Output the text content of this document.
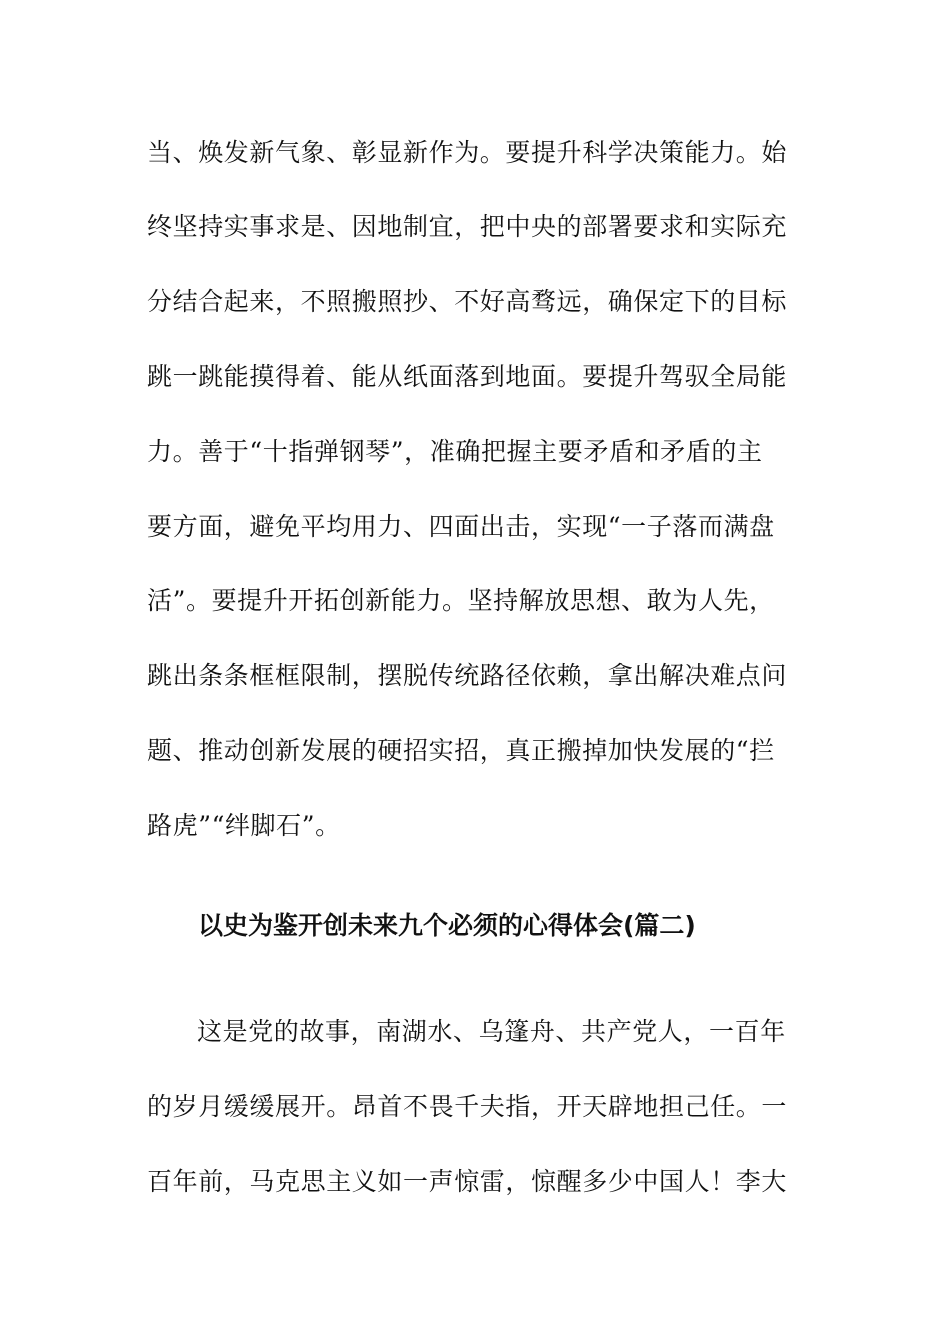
当、焕发新气象、彰显新作为。要提升科学决策能力。始
终坚持实事求是、因地制宜，把中央的部署要求和实际充
分结合起来，不照搬照抄、不好高骛远，确保定下的目标
跳一跳能摸得着、能从纸面落到地面。要提升驾驭全局能
力。善于“十指弹钢琴”，准确把握主要矛盾和矛盾的主
要方面，避免平均用力、四面出击，实现“一子落而满盘
活”。要提升开拓创新能力。坚持解放思想、敢为人先，
跳出条条框框限制，摆脱传统路径依赖，拿出解决难点问
题、推动创新发展的硬招实招，真正搬掉加快发展的“拦
路虎”“绊脚石”。
以史为鉴开创未来九个必须的心得体会(篇二)
这是党的故事，南湖水、乌篷舟、共产党人，一百年
的岁月缓缓展开。昂首不畏千夫指，开天辟地担己任。一
百年前，马克思主义如一声惊雷，惊醒多少中国人！李大
